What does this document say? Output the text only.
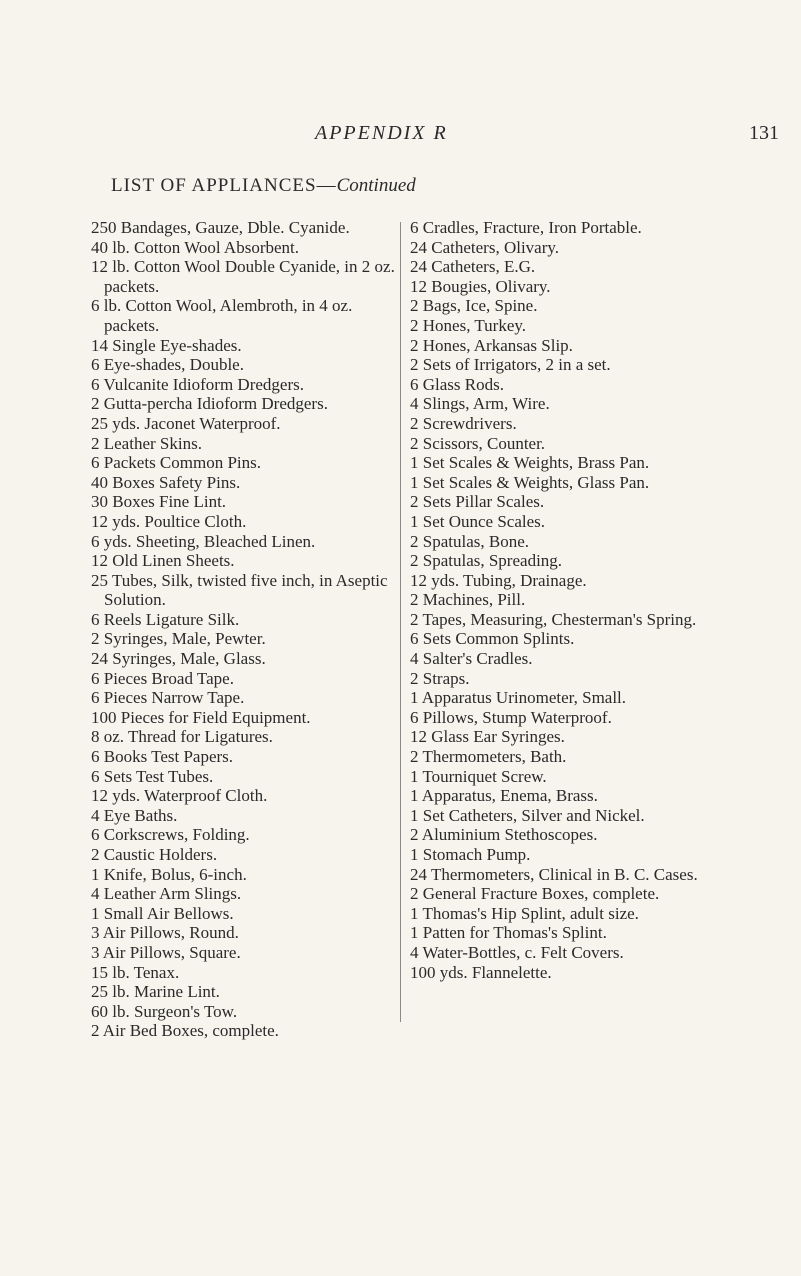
APPENDIX R	131
LIST OF APPLIANCES—Continued
250 Bandages, Gauze, Dble. Cyanide.
40 lb. Cotton Wool Absorbent.
12 lb. Cotton Wool Double Cyanide, in 2 oz. packets.
6 lb. Cotton Wool, Alembroth, in 4 oz. packets.
14 Single Eye-shades.
6 Eye-shades, Double.
6 Vulcanite Idioform Dredgers.
2 Gutta-percha Idioform Dredgers.
25 yds. Jaconet Waterproof.
2 Leather Skins.
6 Packets Common Pins.
40 Boxes Safety Pins.
30 Boxes Fine Lint.
12 yds. Poultice Cloth.
6 yds. Sheeting, Bleached Linen.
12 Old Linen Sheets.
25 Tubes, Silk, twisted five inch, in Aseptic Solution.
6 Reels Ligature Silk.
2 Syringes, Male, Pewter.
24 Syringes, Male, Glass.
6 Pieces Broad Tape.
6 Pieces Narrow Tape.
100 Pieces for Field Equipment.
8 oz. Thread for Ligatures.
6 Books Test Papers.
6 Sets Test Tubes.
12 yds. Waterproof Cloth.
4 Eye Baths.
6 Corkscrews, Folding.
2 Caustic Holders.
1 Knife, Bolus, 6-inch.
4 Leather Arm Slings.
1 Small Air Bellows.
3 Air Pillows, Round.
3 Air Pillows, Square.
15 lb. Tenax.
25 lb. Marine Lint.
60 lb. Surgeon's Tow.
2 Air Bed Boxes, complete.
6 Cradles, Fracture, Iron Portable.
24 Catheters, Olivary.
24 Catheters, E.G.
12 Bougies, Olivary.
2 Bags, Ice, Spine.
2 Hones, Turkey.
2 Hones, Arkansas Slip.
2 Sets of Irrigators, 2 in a set.
6 Glass Rods.
4 Slings, Arm, Wire.
2 Screwdrivers.
2 Scissors, Counter.
1 Set Scales & Weights, Brass Pan.
1 Set Scales & Weights, Glass Pan.
2 Sets Pillar Scales.
1 Set Ounce Scales.
2 Spatulas, Bone.
2 Spatulas, Spreading.
12 yds. Tubing, Drainage.
2 Machines, Pill.
2 Tapes, Measuring, Chesterman's Spring.
6 Sets Common Splints.
4 Salter's Cradles.
2 Straps.
1 Apparatus Urinometer, Small.
6 Pillows, Stump Waterproof.
12 Glass Ear Syringes.
2 Thermometers, Bath.
1 Tourniquet Screw.
1 Apparatus, Enema, Brass.
1 Set Catheters, Silver and Nickel.
2 Aluminium Stethoscopes.
1 Stomach Pump.
24 Thermometers, Clinical in B. C. Cases.
2 General Fracture Boxes, complete.
1 Thomas's Hip Splint, adult size.
1 Patten for Thomas's Splint.
4 Water-Bottles, c. Felt Covers.
100 yds. Flannelette.
